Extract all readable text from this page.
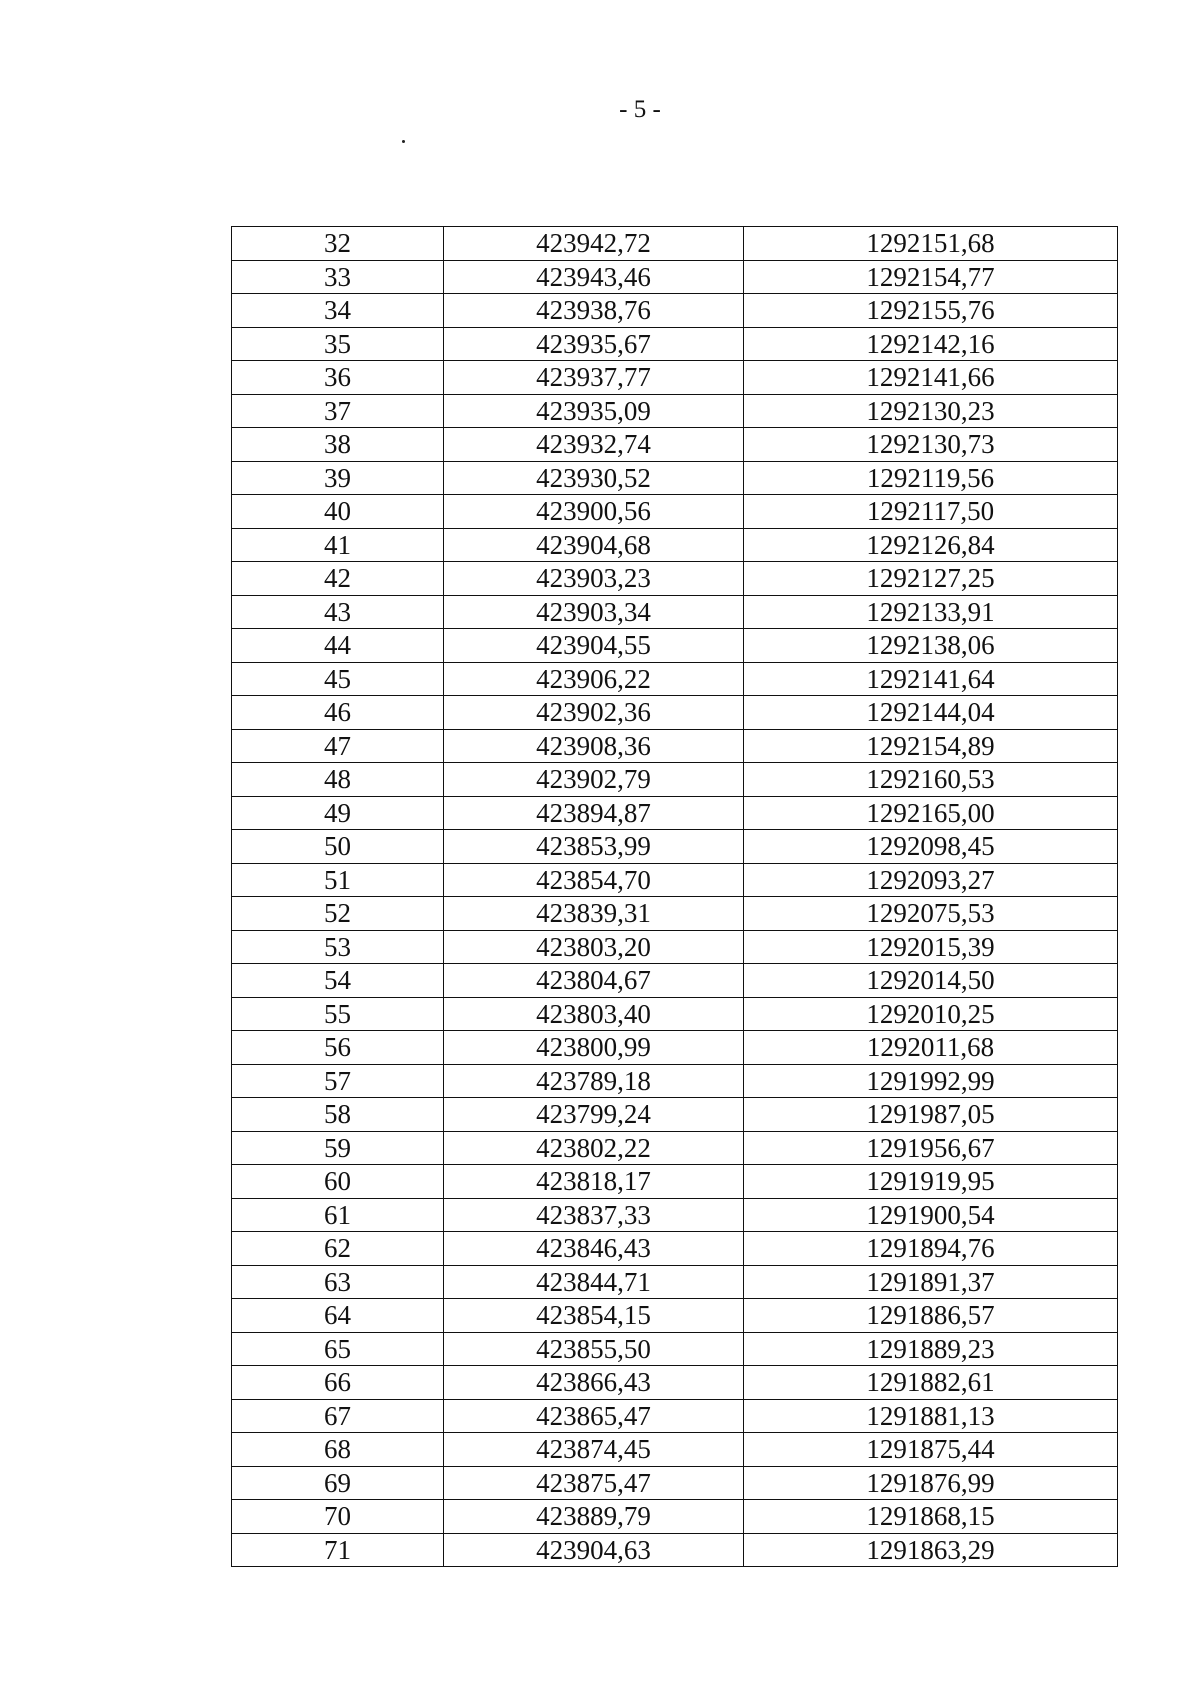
- 5 -
32	423942,72	1292151,68
33	423943,46	1292154,77
34	423938,76	1292155,76
35	423935,67	1292142,16
36	423937,77	1292141,66
37	423935,09	1292130,23
38	423932,74	1292130,73
39	423930,52	1292119,56
40	423900,56	1292117,50
41	423904,68	1292126,84
42	423903,23	1292127,25
43	423903,34	1292133,91
44	423904,55	1292138,06
45	423906,22	1292141,64
46	423902,36	1292144,04
47	423908,36	1292154,89
48	423902,79	1292160,53
49	423894,87	1292165,00
50	423853,99	1292098,45
51	423854,70	1292093,27
52	423839,31	1292075,53
53	423803,20	1292015,39
54	423804,67	1292014,50
55	423803,40	1292010,25
56	423800,99	1292011,68
57	423789,18	1291992,99
58	423799,24	1291987,05
59	423802,22	1291956,67
60	423818,17	1291919,95
61	423837,33	1291900,54
62	423846,43	1291894,76
63	423844,71	1291891,37
64	423854,15	1291886,57
65	423855,50	1291889,23
66	423866,43	1291882,61
67	423865,47	1291881,13
68	423874,45	1291875,44
69	423875,47	1291876,99
70	423889,79	1291868,15
71	423904,63	1291863,29
